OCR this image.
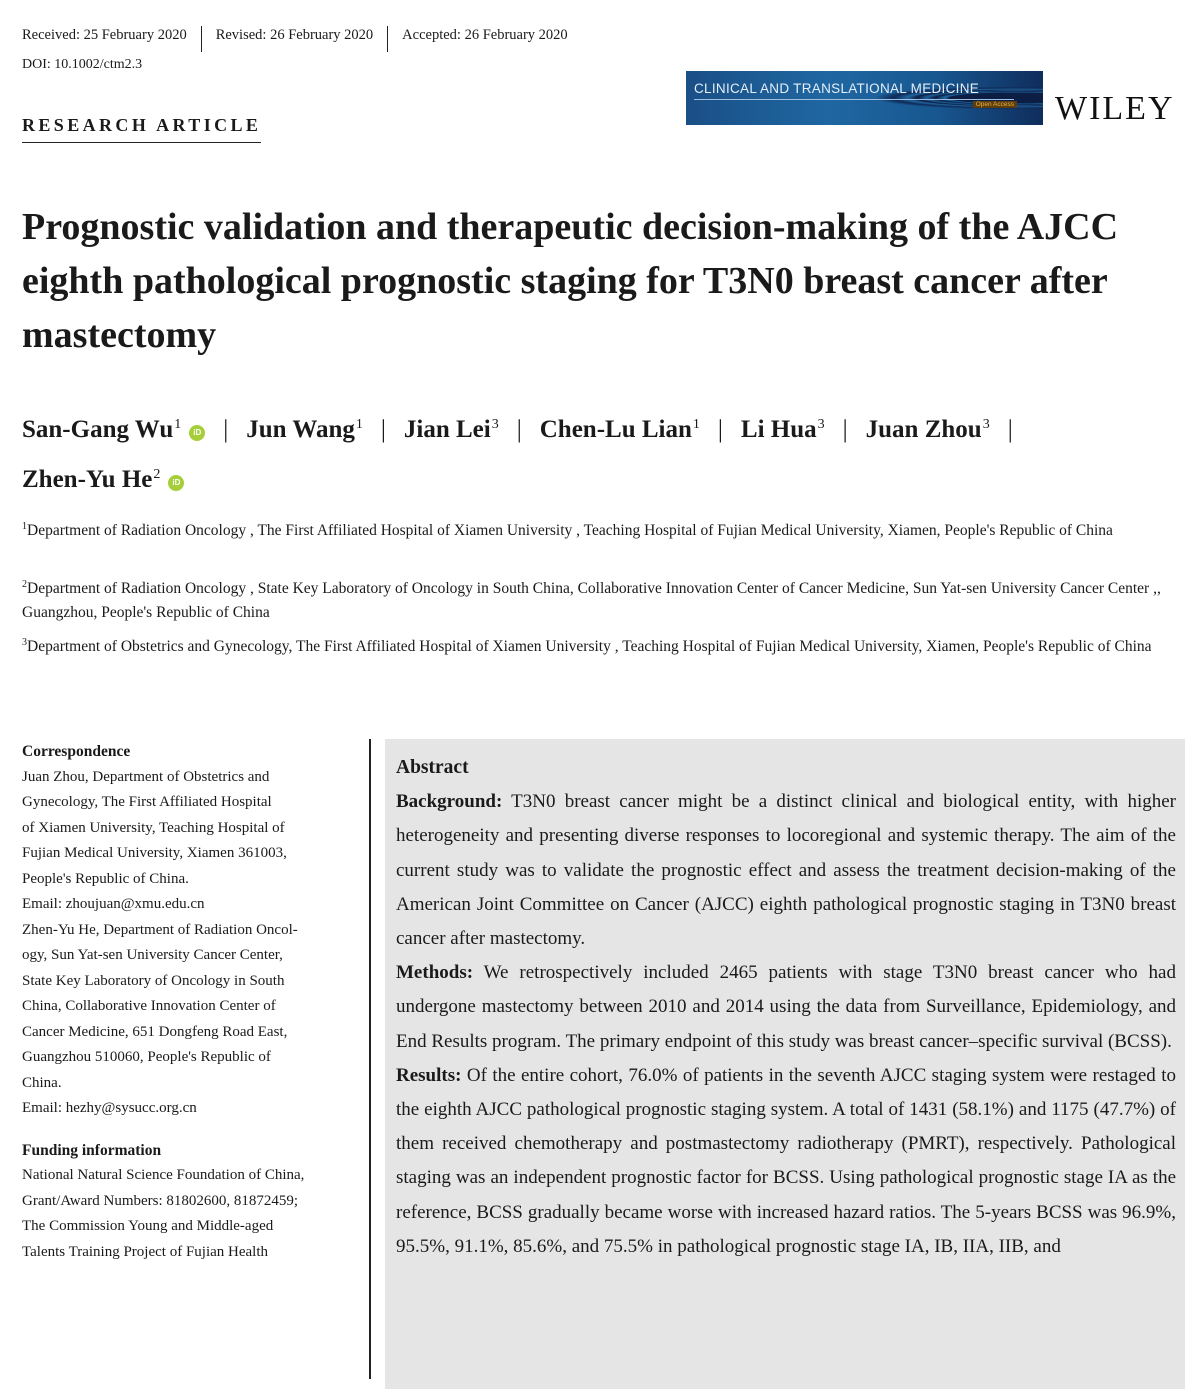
Received: 25 February 2020 Revised: 26 February 2020 Accepted: 26 February 2020
DOI: 10.1002/ctm2.3
RESEARCH ARTICLE
CLINICAL AND TRANSLATIONAL MEDICINE
Open Access WILEY
Prognostic validation and therapeutic decision-making of the AJCC eighth pathological prognostic staging for T3N0 breast cancer after mastectomy
San-Gang Wu$^1$iD | Jun Wang$^1$ | Jian Lei$^3$ | Chen-Lu Lian$^1$ | Li Hua$^3$ | Juan Zhou$^3$ |
Zhen-Yu He$^2$iD
$^1$Department of Radiation Oncology , The First Affiliated Hospital of Xiamen University , Teaching Hospital of Fujian Medical University, Xiamen, People's Republic of China
$^2$Department of Radiation Oncology , State Key Laboratory of Oncology in South China, Collaborative Innovation Center of Cancer Medicine, Sun Yat-sen University Cancer Center ,, Guangzhou, People's Republic of China
$^3$Department of Obstetrics and Gynecology, The First Affiliated Hospital of Xiamen University , Teaching Hospital of Fujian Medical University, Xiamen, People's Republic of China
Correspondence
Juan Zhou, Department of Obstetrics and
Gynecology, The First Affiliated Hospital
of Xiamen University, Teaching Hospital of
Fujian Medical University, Xiamen 361003,
People's Republic of China.
Email: zhoujuan@xmu.edu.cn
Zhen-Yu He, Department of Radiation Oncol-
ogy, Sun Yat-sen University Cancer Center,
State Key Laboratory of Oncology in South
China, Collaborative Innovation Center of
Cancer Medicine, 651 Dongfeng Road East,
Guangzhou 510060, People's Republic of
China.
Email: hezhy@sysucc.org.cn
Funding information
National Natural Science Foundation of China,
Grant/Award Numbers: 81802600, 81872459;
The Commission Young and Middle-aged
Talents Training Project of Fujian Health

Abstract

Background: T3N0 breast cancer might be a distinct clinical and biological entity, with higher heterogeneity and presenting diverse responses to locoregional and systemic therapy. The aim of the current study was to validate the prognostic effect and assess the treatment decision-making of the American Joint Committee on Cancer (AJCC) eighth pathological prognostic staging in T3N0 breast cancer after mastectomy.

Methods: We retrospectively included 2465 patients with stage T3N0 breast cancer who had undergone mastectomy between 2010 and 2014 using the data from Surveillance, Epidemiology, and End Results program. The primary endpoint of this study was breast cancer–specific survival (BCSS).

Results: Of the entire cohort, 76.0% of patients in the seventh AJCC staging system were restaged to the eighth AJCC pathological prognostic staging system. A total of 1431 (58.1%) and 1175 (47.7%) of them received chemotherapy and postmastectomy radiotherapy (PMRT), respectively. Pathological staging was an independent prognostic factor for BCSS. Using pathological prognostic stage IA as the reference, BCSS gradually became worse with increased hazard ratios. The 5-years BCSS was 96.9%, 95.5%, 91.1%, 85.6%, and 75.5% in pathological prognostic stage IA, IB, IIA, IIB, and
